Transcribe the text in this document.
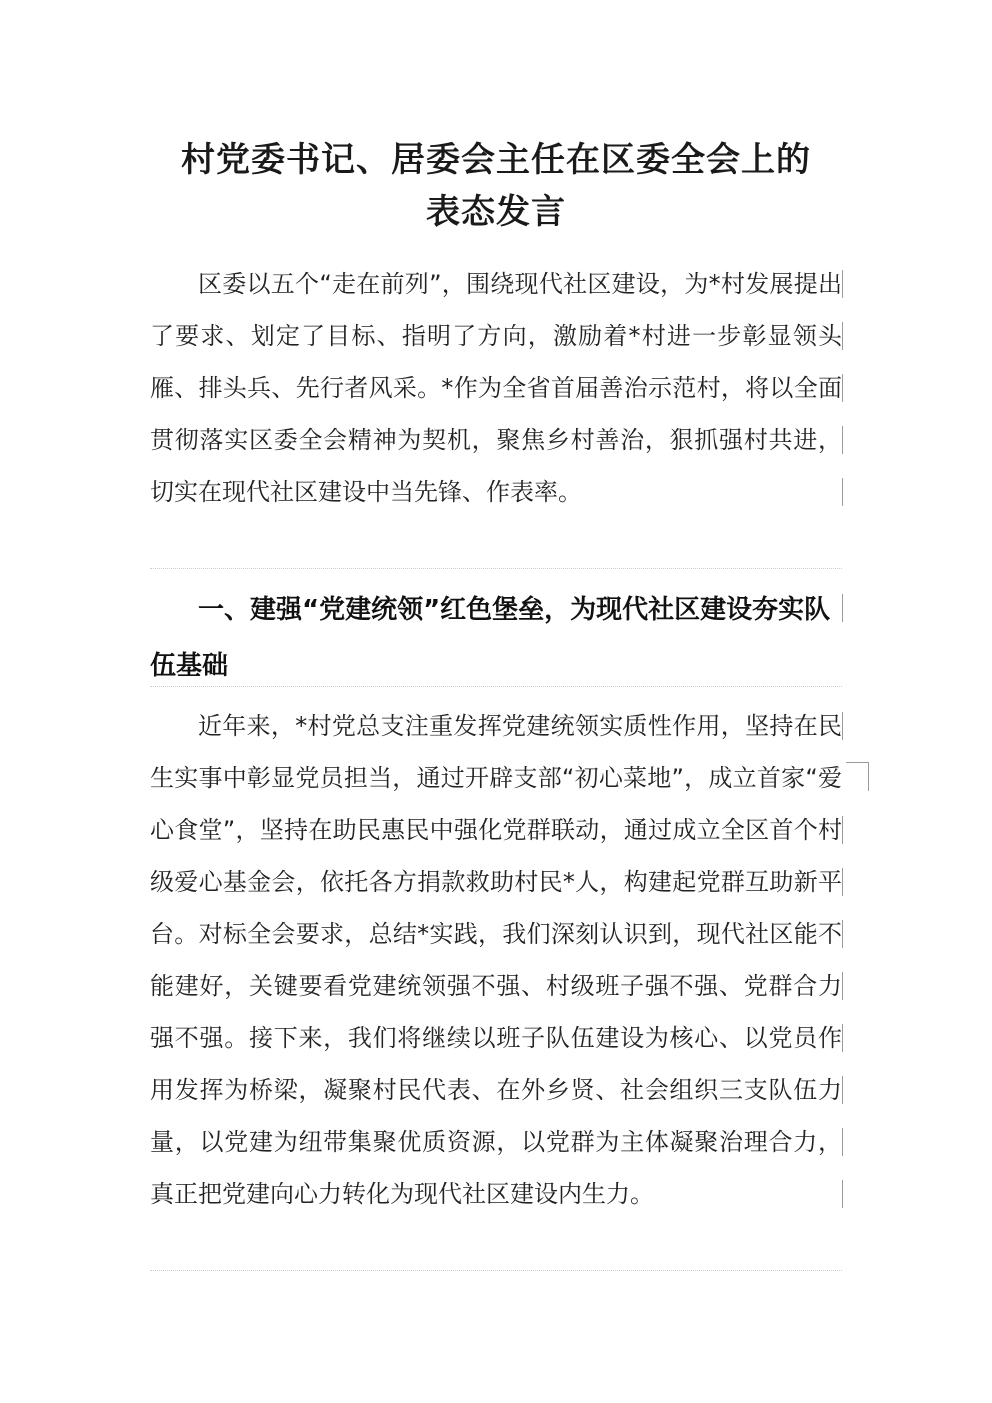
村党委书记、居委会主任在区委全会上的
表态发言

区委以五个“走在前列”，围绕现代社区建设，为*村发展提出了要求、划定了目标、指明了方向，激励着*村进一步彰显领头雁、排头兵、先行者风采。*作为全省首届善治示范村，将以全面贯彻落实区委全会精神为契机，聚焦乡村善治，狠抓强村共进，切实在现代社区建设中当先锋、作表率。

一、建强“党建统领”红色堡垒，为现代社区建设夯实队伍基础

近年来，*村党总支注重发挥党建统领实质性作用，坚持在民生实事中彰显党员担当，通过开辟支部“初心菜地”，成立首家“爱心食堂”，坚持在助民惠民中强化党群联动，通过成立全区首个村级爱心基金会，依托各方捐款救助村民*人，构建起党群互助新平台。对标全会要求，总结*实践，我们深刻认识到，现代社区能不能建好，关键要看党建统领强不强、村级班子强不强、党群合力强不强。接下来，我们将继续以班子队伍建设为核心、以党员作用发挥为桥梁，凝聚村民代表、在外乡贤、社会组织三支队伍力量，以党建为纽带集聚优质资源，以党群为主体凝聚治理合力，真正把党建向心力转化为现代社区建设内生力。
